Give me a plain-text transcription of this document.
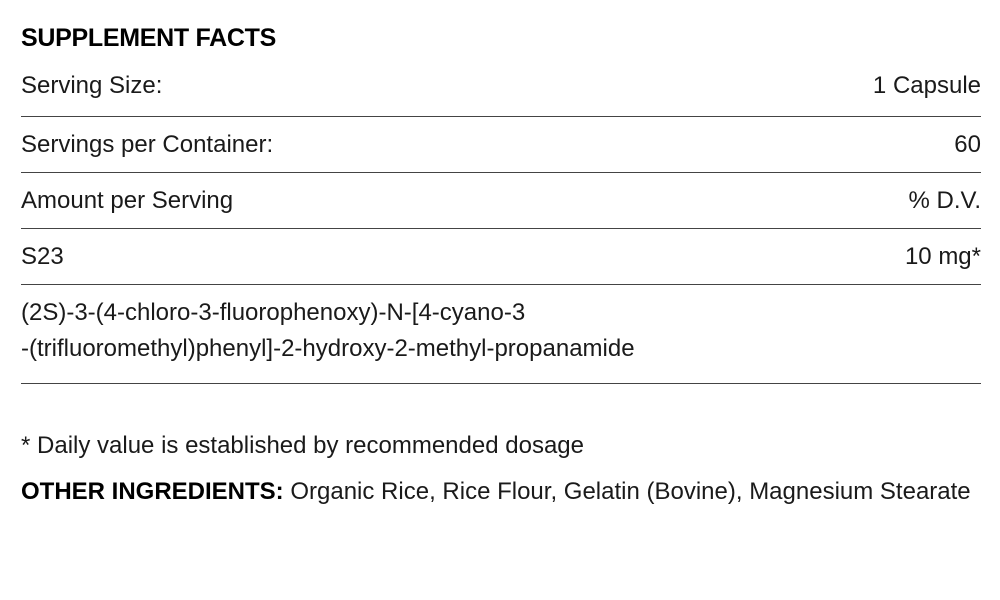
SUPPLEMENT FACTS
Serving Size:	1 Capsule
Servings per Container:	60
Amount per Serving	% D.V.
S23	10 mg*
(2S)-3-(4-chloro-3-fluorophenoxy)-N-[4-cyano-3
-(trifluoromethyl)phenyl]-2-hydroxy-2-methyl-propanamide
* Daily value is established by recommended dosage
OTHER INGREDIENTS: Organic Rice, Rice Flour, Gelatin (Bovine), Magnesium Stearate
